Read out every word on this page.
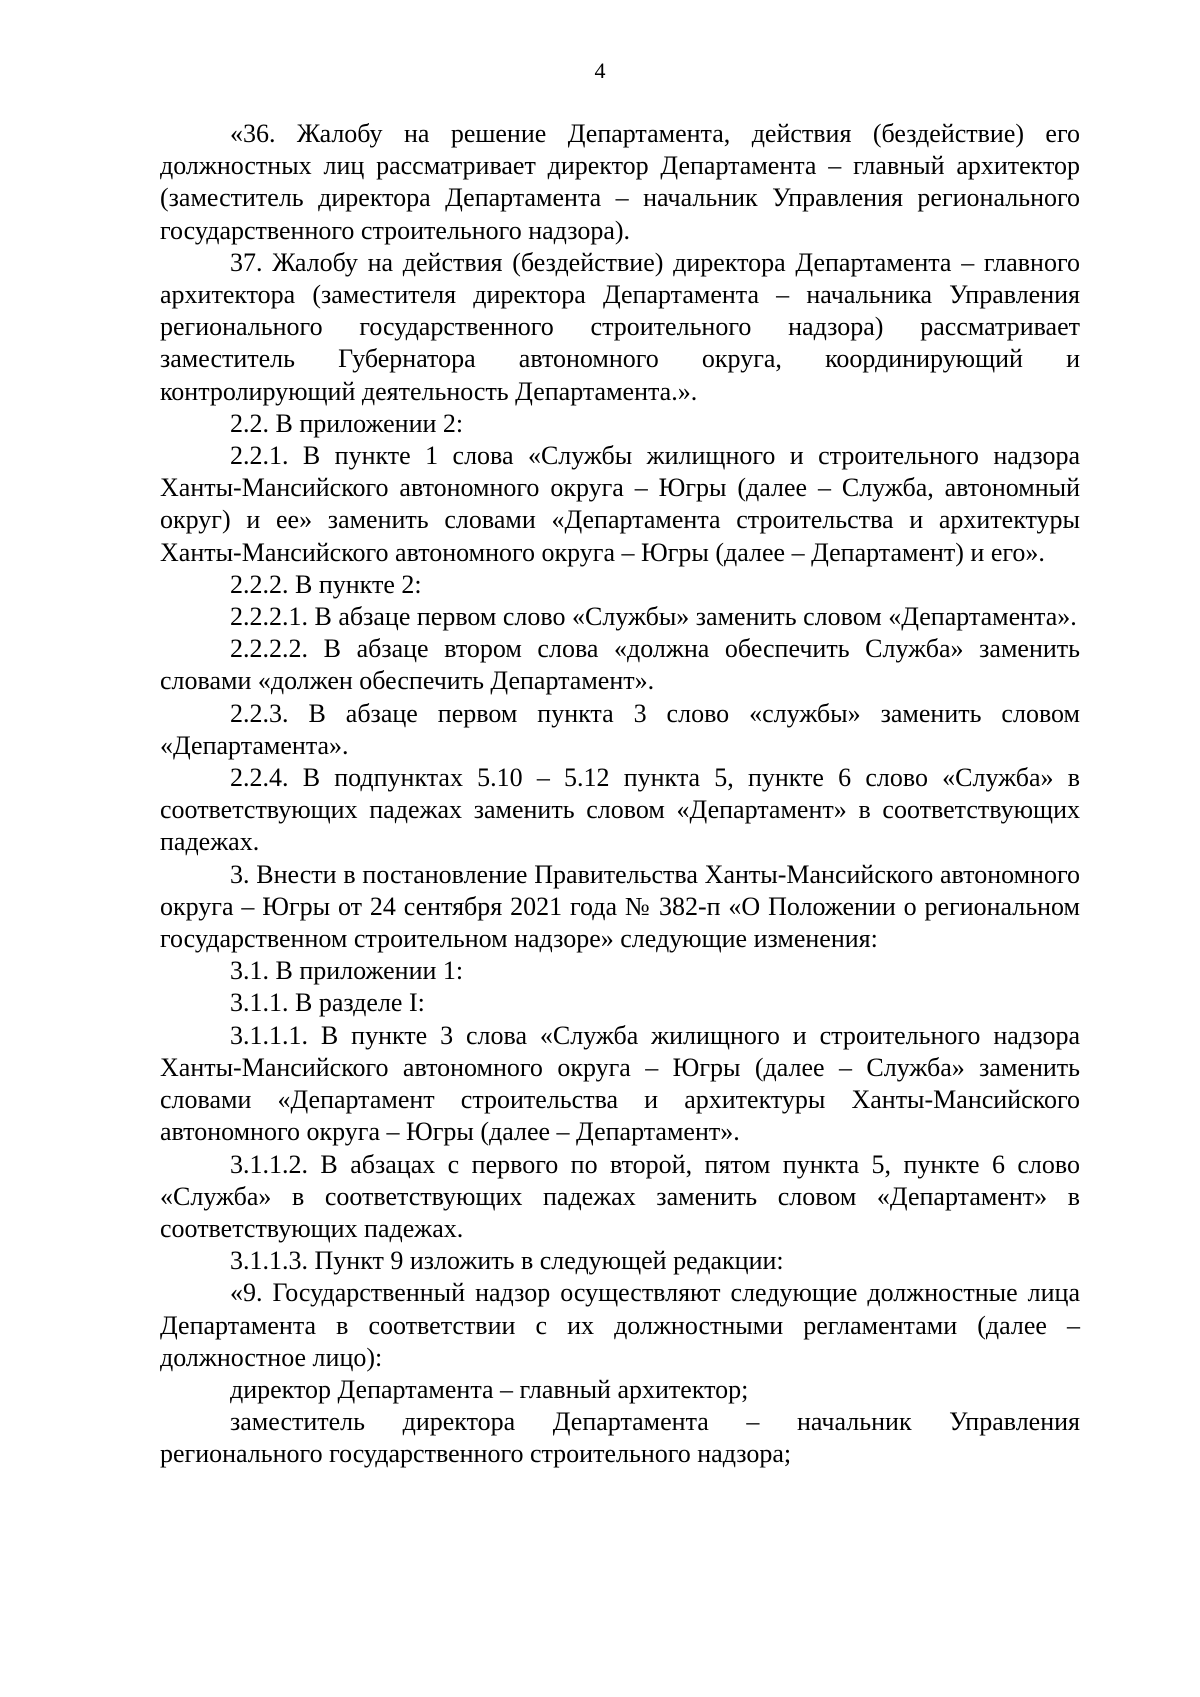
4

«36. Жалобу на решение Департамента, действия (бездействие) его должностных лиц рассматривает директор Департамента – главный архитектор (заместитель директора Департамента – начальник Управления регионального государственного строительного надзора).

37. Жалобу на действия (бездействие) директора Департамента – главного архитектора (заместителя директора Департамента – начальника Управления регионального государственного строительного надзора) рассматривает заместитель Губернатора автономного округа, координирующий и контролирующий деятельность Департамента.».

2.2. В приложении 2:

2.2.1. В пункте 1 слова «Службы жилищного и строительного надзора Ханты-Мансийского автономного округа – Югры (далее – Служба, автономный округ) и ее» заменить словами «Департамента строительства и архитектуры Ханты-Мансийского автономного округа – Югры (далее – Департамент) и его».

2.2.2. В пункте 2:

2.2.2.1. В абзаце первом слово «Службы» заменить словом «Департамента».

2.2.2.2. В абзаце втором слова «должна обеспечить Служба» заменить словами «должен обеспечить Департамент».

2.2.3. В абзаце первом пункта 3 слово «службы» заменить словом «Департамента».

2.2.4. В подпунктах 5.10 – 5.12 пункта 5, пункте 6 слово «Служба» в соответствующих падежах заменить словом «Департамент» в соответствующих падежах.

3. Внести в постановление Правительства Ханты-Мансийского автономного округа – Югры от 24 сентября 2021 года № 382-п «О Положении о региональном государственном строительном надзоре» следующие изменения:

3.1. В приложении 1:

3.1.1. В разделе I:

3.1.1.1. В пункте 3 слова «Служба жилищного и строительного надзора Ханты-Мансийского автономного округа – Югры (далее – Служба» заменить словами «Департамент строительства и архитектуры Ханты-Мансийского автономного округа – Югры (далее – Департамент».

3.1.1.2. В абзацах с первого по второй, пятом пункта 5, пункте 6 слово «Служба» в соответствующих падежах заменить словом «Департамент» в соответствующих падежах.

3.1.1.3. Пункт 9 изложить в следующей редакции:

«9. Государственный надзор осуществляют следующие должностные лица Департамента в соответствии с их должностными регламентами (далее – должностное лицо):

директор Департамента – главный архитектор;

заместитель директора Департамента – начальник Управления регионального государственного строительного надзора;
